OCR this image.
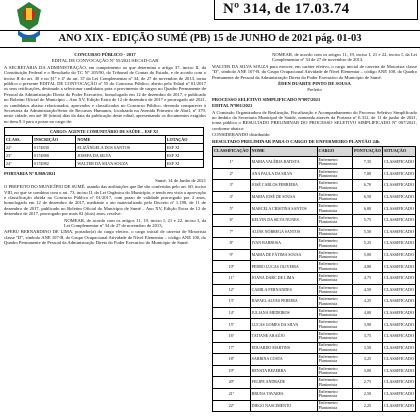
Nº 314, de 17.03.74
ANO XIX - EDIÇÃO SUMÉ (PB) 15 de JUNHO de 2021 pág. 01-03

CONCURSO PÚBLICO - 2017

EDITAL DE CONVOCAÇÃO Nº 55/2021/SECAD-GAB

A SECRETÁRIA DA ADMINISTRAÇÃO, em cumprimento ao que determina o artigo 37, inciso II, da Constituição Federal e o Resultado do TC Nº 105/90, do Tribunal de Contas do Estado, e de acordo com o inciso II do art. 30 e no §1º e 4º do art. 37 da Lei Complementar nº 34, de 27 de novembro de 2013, torna público o presente EDITAL DE CONVOCAÇÃO nº 55 do Concurso Público, aberto pelo Edital nº 01/2017 os seus retificações, destinado a selecionar candidatos para o provimento de cargos no Quadro Permanente de Pessoal da Administração Direta do Poder Executivo, homologado em 12 de dezembro de 2017, e publicado no Boletim Oficial do Município – Ano XV, Edição Extra de 12 de dezembro de 2017 e prorrogado até 2021, os candidatos abaixo relacionados, aprovados e classificados no Concurso Público, devendo comparecer à Secretaria da Administração/Setor de Recursos Humanos, localizada na Avenida Primeiro de Abril, nº 379, neste cidade, em até 30 (trinta) dias da data da publicação deste edital, apresentando os documentos exigidos no item 9.3 para a posse no cargo de:

CARGO: AGENTE COMUNITÁRIO DE SAÚDE – ESF XI			
CLASS.	INSCRIÇÃO	NOME	LOTAÇÃO
22º	0174830	ELIZÂNGELA DOS SANTOS	ESF XI
23º	0174880	JOSEFA DA SILVA	ESF XI
24º	0174982	WALTER DA SILVA SOUZA	ESF XI

PORTARIA Nº 8.869/2021

Sumé, 14 de Junho de 2021

O PREFEITO DO MUNICÍPIO DE SUMÉ, usando das atribuições que lhe são conferidas pelo art. 60, inciso VIII, no que se combina com o art. 73, inciso II, da Lei Orgânica do Município, e tendo em vista a aprovação e classificação obtida no Concurso Público nº 01/2017, com prazo de validade prorrogado por 2 anos, homologado em 12 de dezembro de 2017, mediante o ato materializado pelo Decreto nº 1.198, de 11 de dezembro de 2017, publicado no Boletim Oficial do Município de Sumé – Ano XV, Edição Extra de 12 de dezembro de 2017, prorrogado por mais 02 (dois) anos, resolve:

NOMEAR, de acordo com os artigos 11, 19, inciso I, 21 e 22, inciso I, da Lei Complementar nº 34 de 27 de novembro de 2013,

AFEBU BERNARDINO DE LIMA, portador(a) do cargo efetivo, o cargo inicial de carreira de Motorista classe "D", símbolo ANE 107-B, do Grupo Ocupacional Atividade de Nível Elementar – código ANE 100, do Quadro Permanente de Pessoal da Administração Direta do Poder Executivo do Município de Sumé.

NOMEAR, de acordo com os artigos 11, 19, inciso I, 21 e 22, inciso I, da Lei Complementar nº 34 de 27 de novembro de 2013,

WALTER DA SILVA SOUZA para exercer, em caráter efetivo, o cargo inicial de carreira de Motorista classe "D", símbolo ANE 107-B, do Grupo Ocupacional Atividade de Nível Elementar – código ANE 100, do Quadro Permanente de Pessoal da Administração Direta do Poder Executivo do Município de Sumé.

ÉDEN DUARTE PINTO DE SOUSA

Prefeito

PROCESSO SELETIVO SIMPLIFICADO Nº007/2021

EDITAL Nº001/2021

A Comissão Organizadora de Realização, Fiscalização e Acompanhamento do Processo Seletivo Simplificado no âmbito da Secretaria Municipal de Saúde, nomeada através da Portaria nº 6.312, de 11 de junho de 2021, torna pública o RESULTADO PRELIMINAR DO PROCESSO SELETIVO SIMPLIFICADO Nº 007/2021, conforme abaixo:

CONSIDERANDO distribuído:

RESULTADO PRELIMINAR PARA O CARGO DE ENFERMEIRO PLANTÃO 24h

CLASSIFICAÇÃO	NOME	CARGO	PONTUAÇÃO	SITUAÇÃO
1º	MARIA VALÉRIA BATISTA	Enfermeiro Plantonista	7,35	CLASSIFICADO
2º	ANA PAULA DA SILVA	Enfermeiro Plantonista	7,00	CLASSIFICADO
3º	JOSÉ CARLOS FERREIRA	Enfermeiro Plantonista	6,70	CLASSIFICADO
4º	MARIA JOSÉ DE SOUSA	Enfermeiro Plantonista	6,50	CLASSIFICADO
5º	MARCELA CRISTINA SANTOS	Enfermeiro Plantonista	6,00	CLASSIFICADO
6º	KELVIN DA SILVA NUNES	Enfermeiro Plantonista	5,75	CLASSIFICADO
7º	ALINE NÓBREGA SANTOS	Enfermeiro Plantonista	5,50	CLASSIFICADO
8º	IVAN BARBOSA	Enfermeiro Plantonista	5,25	CLASSIFICADO
9º	MARIA DE FÁTIMA SOUSA	Enfermeiro Plantonista	5,00	CLASSIFICADO
10º	PEDRO LUCAS OLIVEIRA	Enfermeiro Plantonista	4,80	CLASSIFICADO
11º	JOANA DARC DE LIMA	Enfermeiro Plantonista	4,75	CLASSIFICADO
12º	CAMILA FERNANDES	Enfermeiro Plantonista	4,50	CLASSIFICADO
13º	RAFAEL ALVES PEREIRA	Enfermeiro Plantonista	4,25	CLASSIFICADO
14º	JULIANA MEDEIROS	Enfermeiro Plantonista	4,00	CLASSIFICADO
15º	LUCAS GOMES DA SILVA	Enfermeiro Plantonista	3,90	CLASSIFICADO
16º	TATIANE ARAÚJO	Enfermeiro Plantonista	3,75	CLASSIFICADO
17º	EDUARDO MARTINS	Enfermeiro Plantonista	3,50	CLASSIFICADO
18º	SABRINA COSTA	Enfermeiro Plantonista	3,25	CLASSIFICADO
19º	RENATA BEZERRA	Enfermeiro Plantonista	3,00	CLASSIFICADO
20º	FELIPE ANDRADE	Enfermeiro Plantonista	2,75	CLASSIFICADO
21º	BRUNA TAVARES	Enfermeiro Plantonista	2,50	CLASSIFICADO
22º	DIEGO NASCIMENTO	Enfermeiro Plantonista	2,25	CLASSIFICADO
